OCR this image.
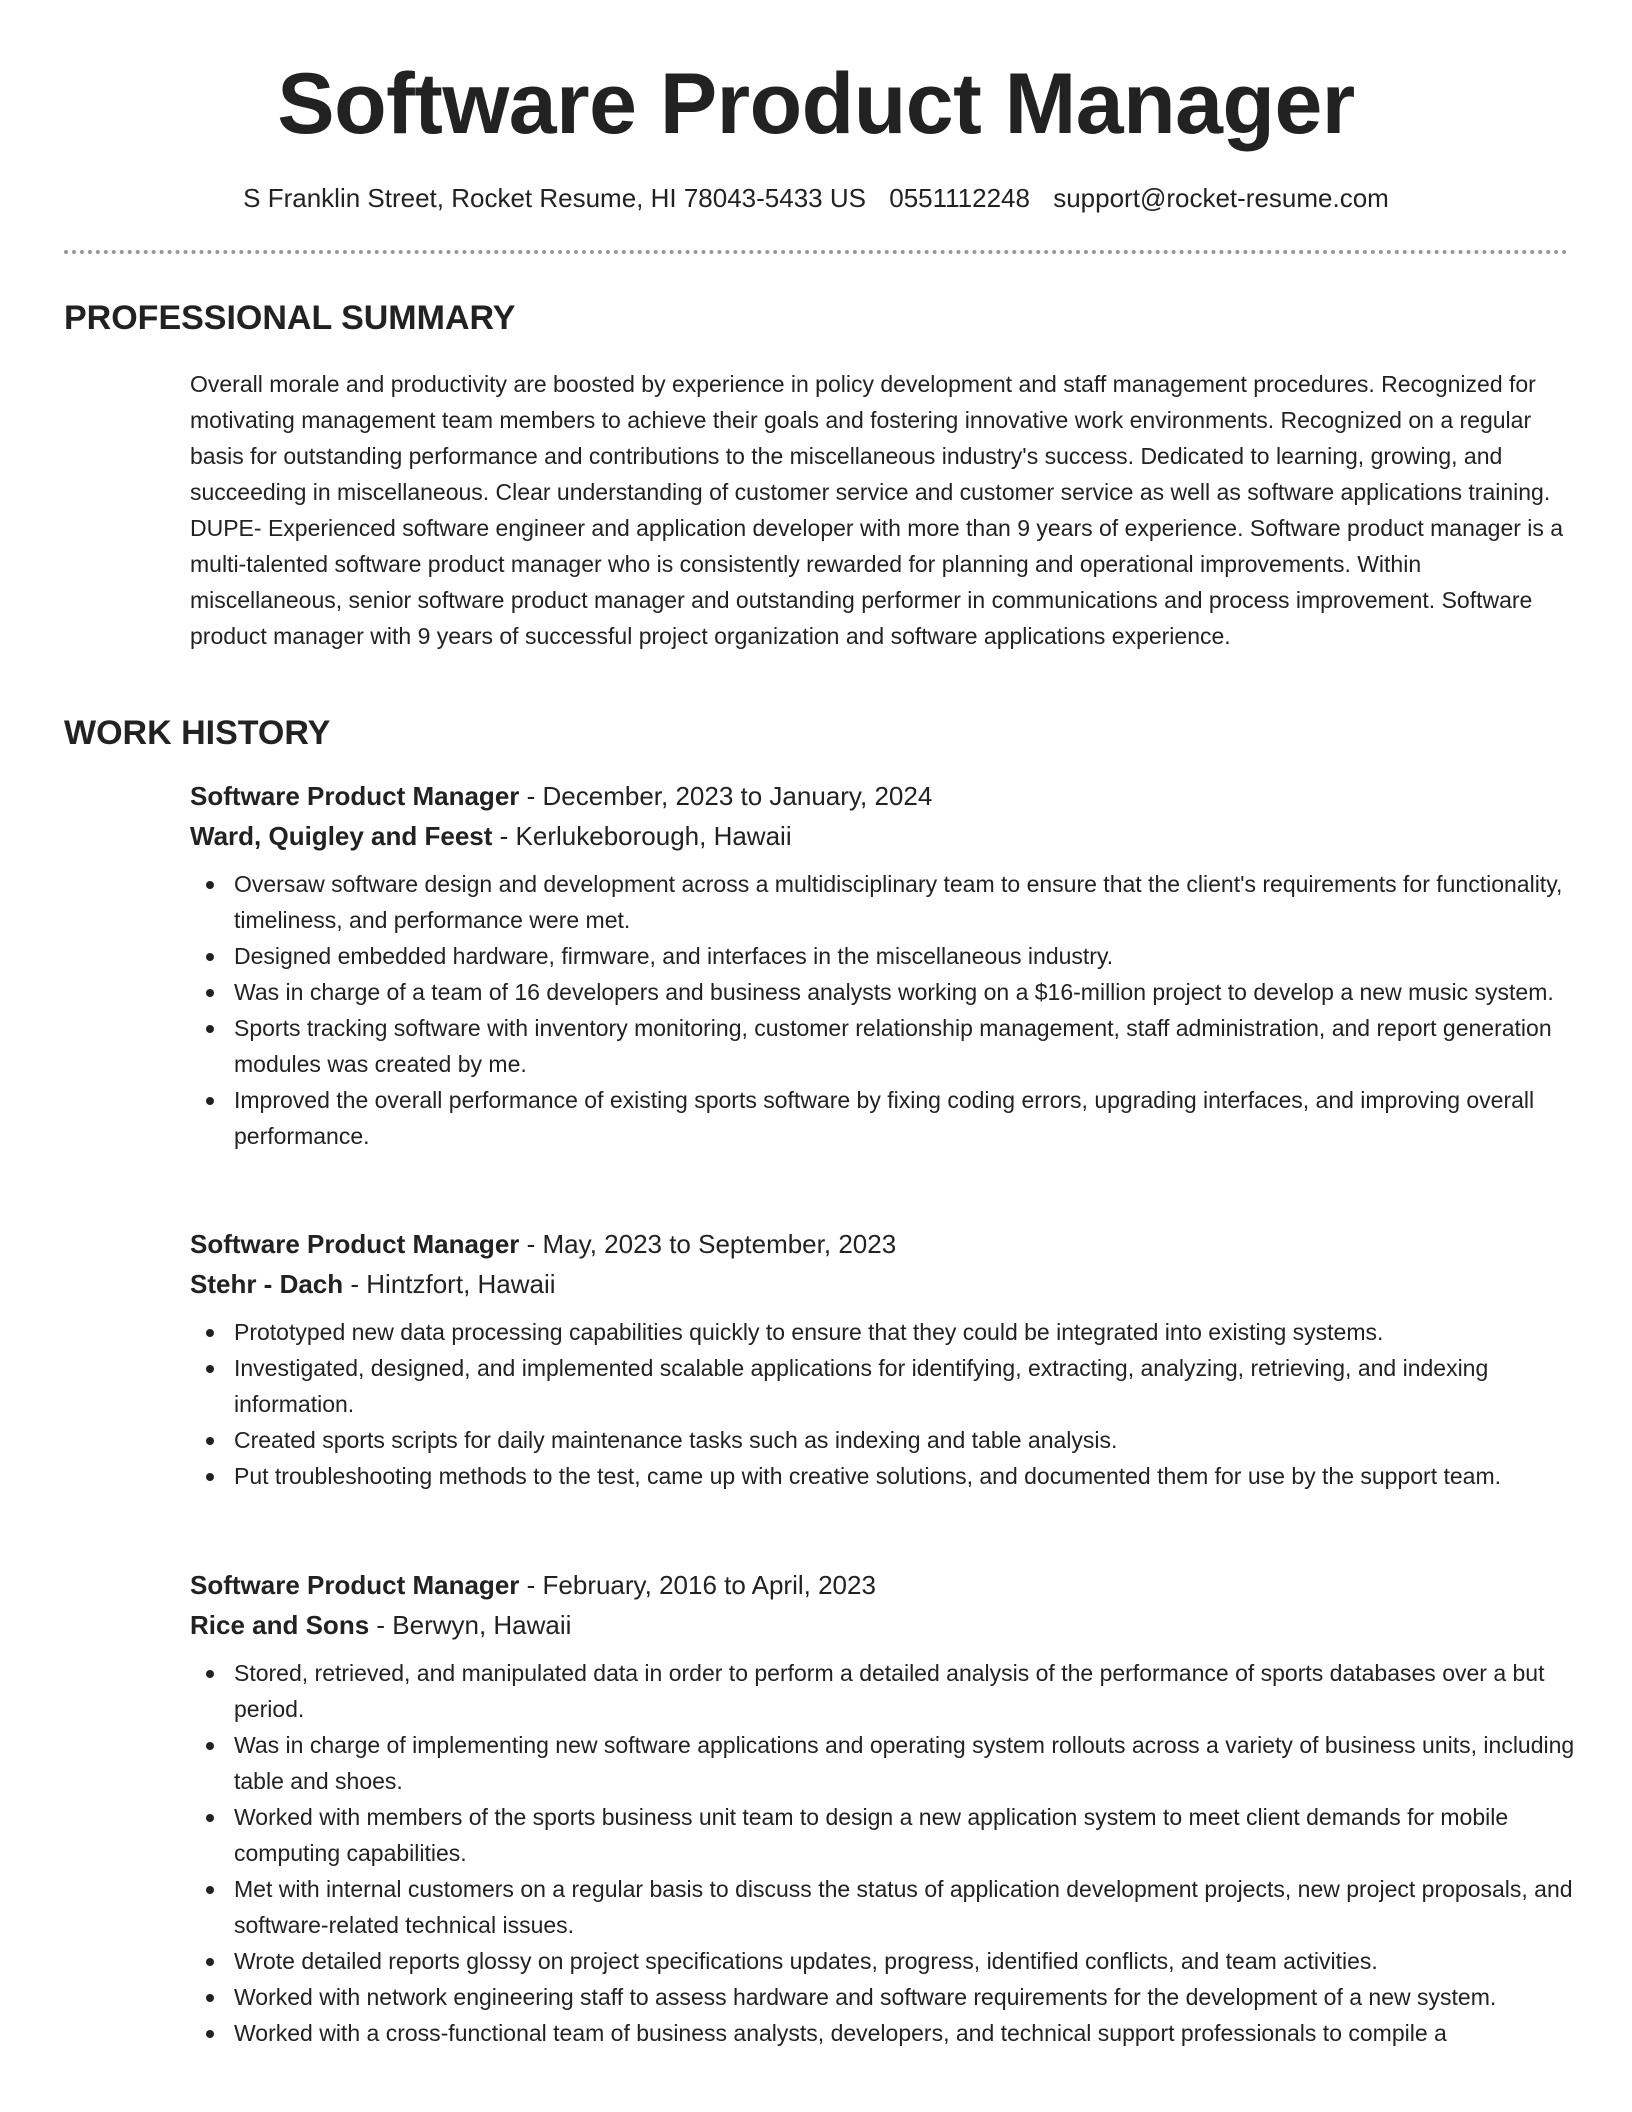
Software Product Manager
S Franklin Street, Rocket Resume, HI 78043-5433 US 0551112248 support@rocket-resume.com
PROFESSIONAL SUMMARY

Overall morale and productivity are boosted by experience in policy development and staff management procedures. Recognized for motivating management team members to achieve their goals and fostering innovative work environments. Recognized on a regular basis for outstanding performance and contributions to the miscellaneous industry's success. Dedicated to learning, growing, and succeeding in miscellaneous. Clear understanding of customer service and customer service as well as software applications training. DUPE- Experienced software engineer and application developer with more than 9 years of experience. Software product manager is a multi-talented software product manager who is consistently rewarded for planning and operational improvements. Within miscellaneous, senior software product manager and outstanding performer in communications and process improvement. Software product manager with 9 years of successful project organization and software applications experience.

WORK HISTORY

Software Product Manager - December, 2023 to January, 2024

Ward, Quigley and Feest - Kerlukeborough, Hawaii

Oversaw software design and development across a multidisciplinary team to ensure that the client's requirements for functionality, timeliness, and performance were met.
Designed embedded hardware, firmware, and interfaces in the miscellaneous industry.
Was in charge of a team of 16 developers and business analysts working on a $16-million project to develop a new music system.
Sports tracking software with inventory monitoring, customer relationship management, staff administration, and report generation modules was created by me.
Improved the overall performance of existing sports software by fixing coding errors, upgrading interfaces, and improving overall performance.

Software Product Manager - May, 2023 to September, 2023

Stehr - Dach - Hintzfort, Hawaii

Prototyped new data processing capabilities quickly to ensure that they could be integrated into existing systems.
Investigated, designed, and implemented scalable applications for identifying, extracting, analyzing, retrieving, and indexing information.
Created sports scripts for daily maintenance tasks such as indexing and table analysis.
Put troubleshooting methods to the test, came up with creative solutions, and documented them for use by the support team.

Software Product Manager - February, 2016 to April, 2023

Rice and Sons - Berwyn, Hawaii

Stored, retrieved, and manipulated data in order to perform a detailed analysis of the performance of sports databases over a but period.
Was in charge of implementing new software applications and operating system rollouts across a variety of business units, including table and shoes.
Worked with members of the sports business unit team to design a new application system to meet client demands for mobile computing capabilities.
Met with internal customers on a regular basis to discuss the status of application development projects, new project proposals, and software-related technical issues.
Wrote detailed reports glossy on project specifications updates, progress, identified conflicts, and team activities.
Worked with network engineering staff to assess hardware and software requirements for the development of a new system.
Worked with a cross-functional team of business analysts, developers, and technical support professionals to compile a
